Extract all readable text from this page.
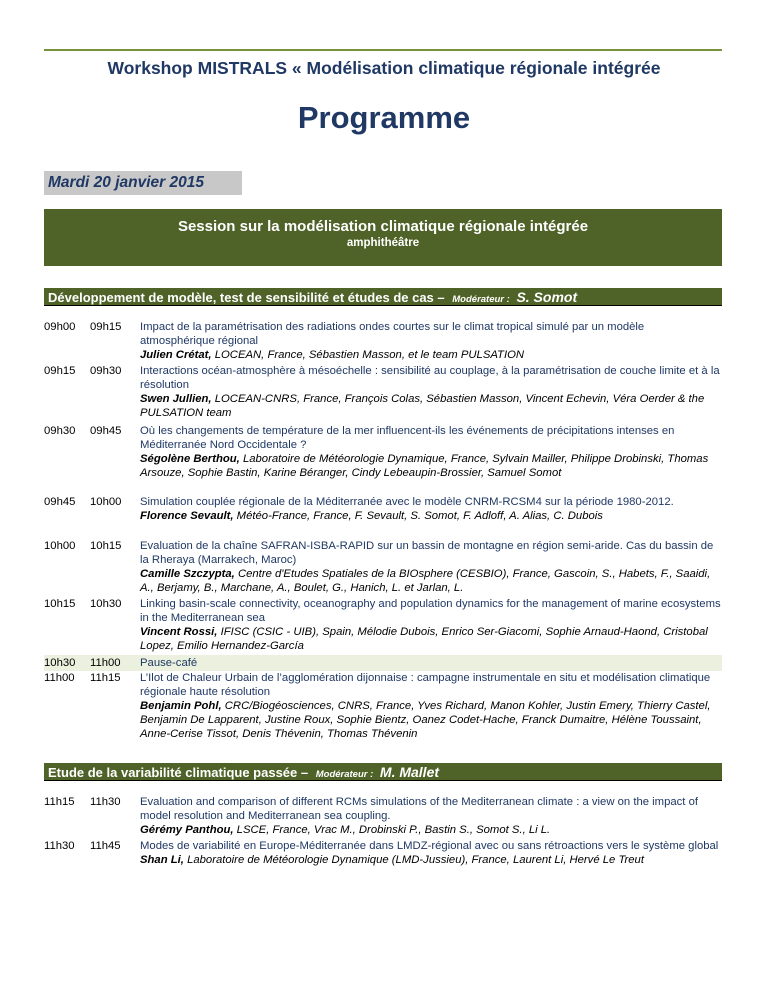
Workshop MISTRALS « Modélisation climatique régionale intégrée
Programme
Mardi 20 janvier 2015
Session sur la modélisation climatique régionale intégrée
amphithéâtre
Développement de modèle, test de sensibilité et études de cas – Modérateur : S. Somot
09h00	09h15	Impact de la paramétrisation des radiations ondes courtes sur le climat tropical simulé par un modèle atmosphérique régional
Julien Crétat, LOCEAN, France, Sébastien Masson, et le team PULSATION
09h15	09h30	Interactions océan-atmosphère à mésoéchelle : sensibilité au couplage, à la paramétrisation de couche limite et à la résolution
Swen Jullien, LOCEAN-CNRS, France, François Colas, Sébastien Masson, Vincent Echevin, Véra Oerder & the PULSATION team
09h30	09h45	Où les changements de température de la mer influencent-ils les événements de précipitations intenses en Méditerranée Nord Occidentale ?
Ségolène Berthou, Laboratoire de Météorologie Dynamique, France, Sylvain Mailler, Philippe Drobinski, Thomas Arsouze, Sophie Bastin, Karine Béranger, Cindy Lebeaupin-Brossier, Samuel Somot
09h45	10h00	Simulation couplée régionale de la Méditerranée avec le modèle CNRM-RCSM4 sur la période 1980-2012.
Florence Sevault, Météo-France, France, F. Sevault, S. Somot, F. Adloff, A. Alias, C. Dubois
10h00	10h15	Evaluation de la chaîne SAFRAN-ISBA-RAPID sur un bassin de montagne en région semi-aride. Cas du bassin de la Rheraya (Marrakech, Maroc)
Camille Szczypta, Centre d'Etudes Spatiales de la BIOsphere (CESBIO), France, Gascoin, S., Habets, F., Saaidi, A., Berjamy, B., Marchane, A., Boulet, G., Hanich, L. et Jarlan, L.
10h15	10h30	Linking basin-scale connectivity, oceanography and population dynamics for the management of marine ecosystems in the Mediterranean sea
Vincent Rossi, IFISC (CSIC - UIB), Spain, Mélodie Dubois, Enrico Ser-Giacomi, Sophie Arnaud-Haond, Cristobal Lopez, Emilio Hernandez-García
10h30	11h00	Pause-café
11h00	11h15	L’Ilot de Chaleur Urbain de l’agglomération dijonnaise : campagne instrumentale en situ et modélisation climatique régionale haute résolution
Benjamin Pohl, CRC/Biogéosciences, CNRS, France, Yves Richard, Manon Kohler, Justin Emery, Thierry Castel, Benjamin De Lapparent, Justine Roux, Sophie Bientz, Oanez Codet-Hache, Franck Dumaitre, Hélène Toussaint, Anne-Cerise Tissot, Denis Thévenin, Thomas Thévenin
Etude de la variabilité climatique passée – Modérateur : M. Mallet
11h15	11h30	Evaluation and comparison of different RCMs simulations of the Mediterranean climate : a view on the impact of model resolution and Mediterranean sea coupling.
Gérémy Panthou, LSCE, France, Vrac M., Drobinski P., Bastin S., Somot S., Li L.
11h30	11h45	Modes de variabilité en Europe-Méditerranée dans LMDZ-régional avec ou sans rétroactions vers le système global
Shan Li, Laboratoire de Météorologie Dynamique (LMD-Jussieu), France, Laurent Li, Hervé Le Treut
